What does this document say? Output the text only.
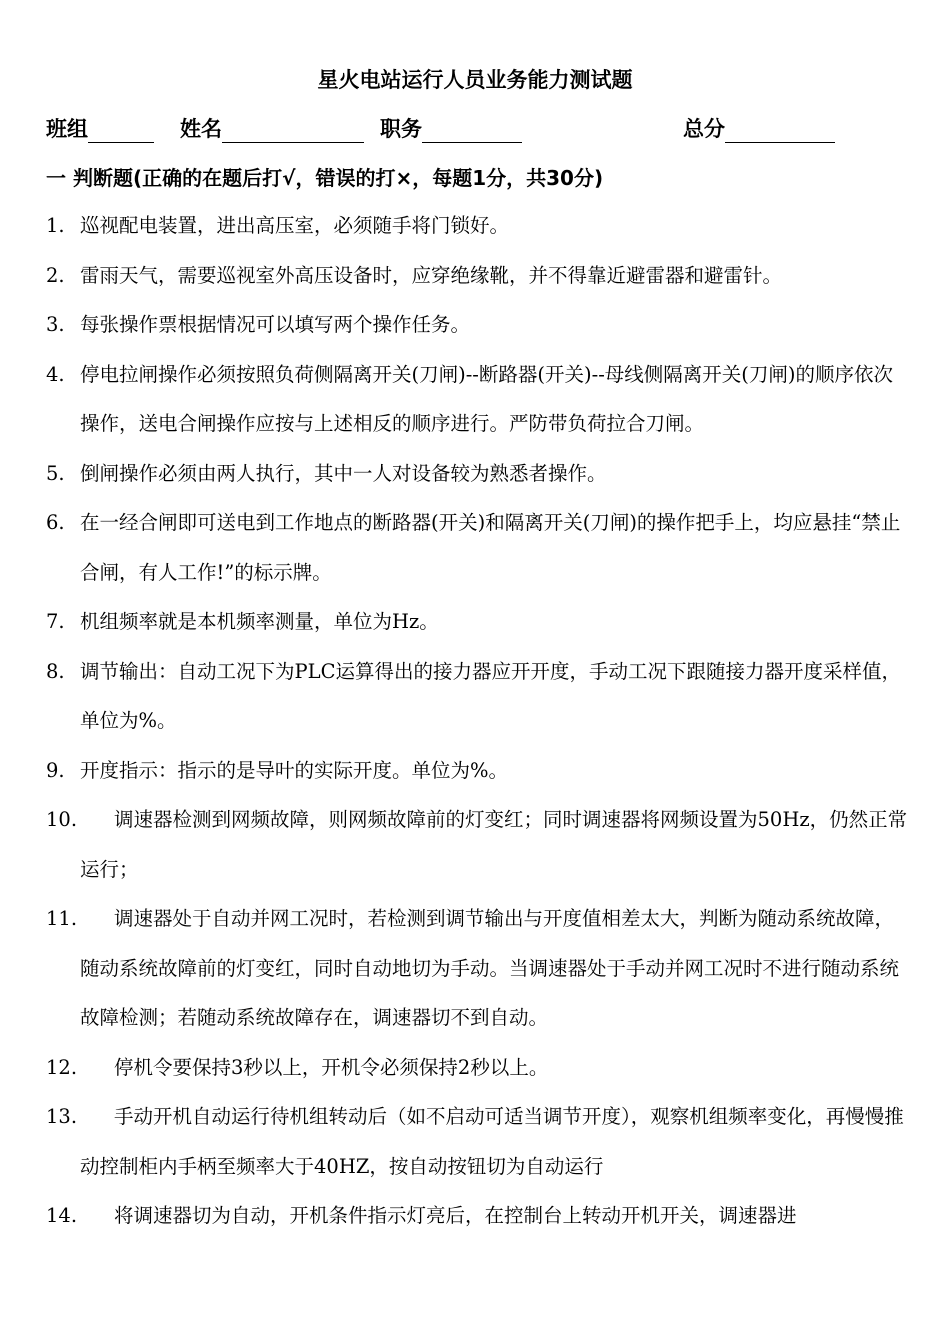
星火电站运行人员业务能力测试题
班组	姓名	职务	总分
一 判断题(正确的在题后打√，错误的打×，每题1分，共30分)
1. 巡视配电装置，进出高压室，必须随手将门锁好。
2. 雷雨天气，需要巡视室外高压设备时，应穿绝缘靴，并不得靠近避雷器和避雷针。
3. 每张操作票根据情况可以填写两个操作任务。
4. 停电拉闸操作必须按照负荷侧隔离开关(刀闸)--断路器(开关)--母线侧隔离开关(刀闸)的顺序依次操作，送电合闸操作应按与上述相反的顺序进行。严防带负荷拉合刀闸。
5. 倒闸操作必须由两人执行，其中一人对设备较为熟悉者操作。
6. 在一经合闸即可送电到工作地点的断路器(开关)和隔离开关(刀闸)的操作把手上，均应悬挂“禁止合闸，有人工作!”的标示牌。
7. 机组频率就是本机频率测量，单位为Hz。
8. 调节输出：自动工况下为PLC运算得出的接力器应开开度，手动工况下跟随接力器开度采样值，单位为%。
9. 开度指示：指示的是导叶的实际开度。单位为%。
10.	调速器检测到网频故障，则网频故障前的灯变红；同时调速器将网频设置为50Hz，仍然正常运行；
11.	调速器处于自动并网工况时，若检测到调节输出与开度值相差太大，判断为随动系统故障，随动系统故障前的灯变红，同时自动地切为手动。当调速器处于手动并网工况时不进行随动系统故障检测；若随动系统故障存在，调速器切不到自动。
12.	停机令要保持3秒以上，开机令必须保持2秒以上。
13.	手动开机自动运行待机组转动后（如不启动可适当调节开度），观察机组频率变化，再慢慢推动控制柜内手柄至频率大于40HZ，按自动按钮切为自动运行
14.	将调速器切为自动，开机条件指示灯亮后，在控制台上转动开机开关，调速器进
